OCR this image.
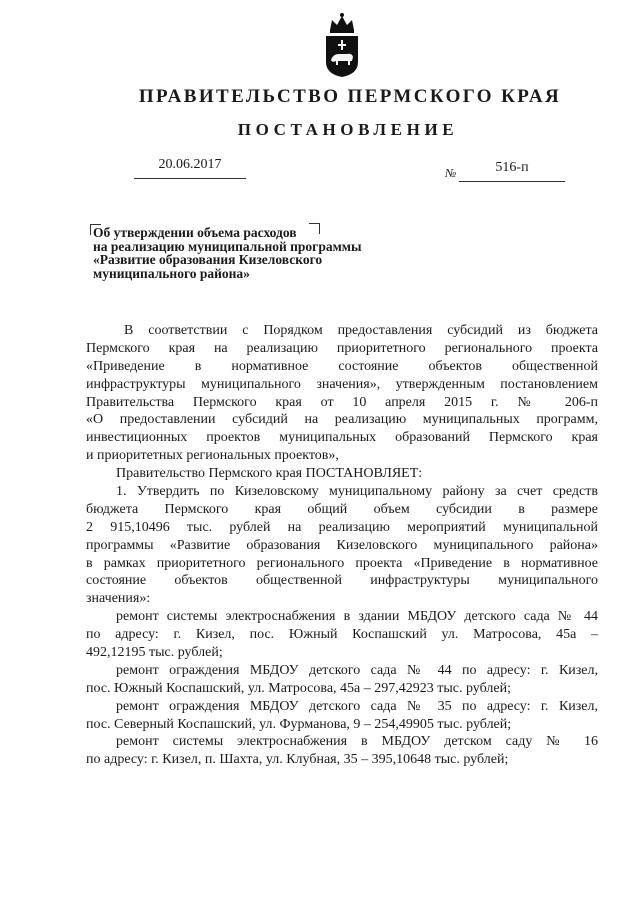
ПРАВИТЕЛЬСТВО ПЕРМСКОГО КРАЯ
ПОСТАНОВЛЕНИЕ
20.06.2017
№	516-п
Об утверждении объема расходов
на реализацию муниципальной программы
«Развитие образования Кизеловского
муниципального района»
В соответствии с Порядком предоставления субсидий из бюджета
Пермского края на реализацию приоритетного регионального проекта
«Приведение в нормативное состояние объектов общественной
инфраструктуры муниципального значения», утвержденным постановлением
Правительства Пермского края от 10 апреля 2015 г. № 206-п
«О предоставлении субсидий на реализацию муниципальных программ,
инвестиционных проектов муниципальных образований Пермского края
и приоритетных региональных проектов»,
Правительство Пермского края ПОСТАНОВЛЯЕТ:
1. Утвердить по Кизеловскому муниципальному району за счет средств
бюджета Пермского края общий объем субсидии в размере
2 915,10496 тыс. рублей на реализацию мероприятий муниципальной
программы «Развитие образования Кизеловского муниципального района»
в рамках приоритетного регионального проекта «Приведение в нормативное
состояние объектов общественной инфраструктуры муниципального
значения»:
ремонт системы электроснабжения в здании МБДОУ детского сада № 44
по адресу: г. Кизел, пос. Южный Коспашский ул. Матросова, 45а –
492,12195 тыс. рублей;
ремонт ограждения МБДОУ детского сада № 44 по адресу: г. Кизел,
пос. Южный Коспашский, ул. Матросова, 45а – 297,42923 тыс. рублей;
ремонт ограждения МБДОУ детского сада № 35 по адресу: г. Кизел,
пос. Северный Коспашский, ул. Фурманова, 9 – 254,49905 тыс. рублей;
ремонт системы электроснабжения в МБДОУ детском саду № 16
по адресу: г. Кизел, п. Шахта, ул. Клубная, 35 – 395,10648 тыс. рублей;
